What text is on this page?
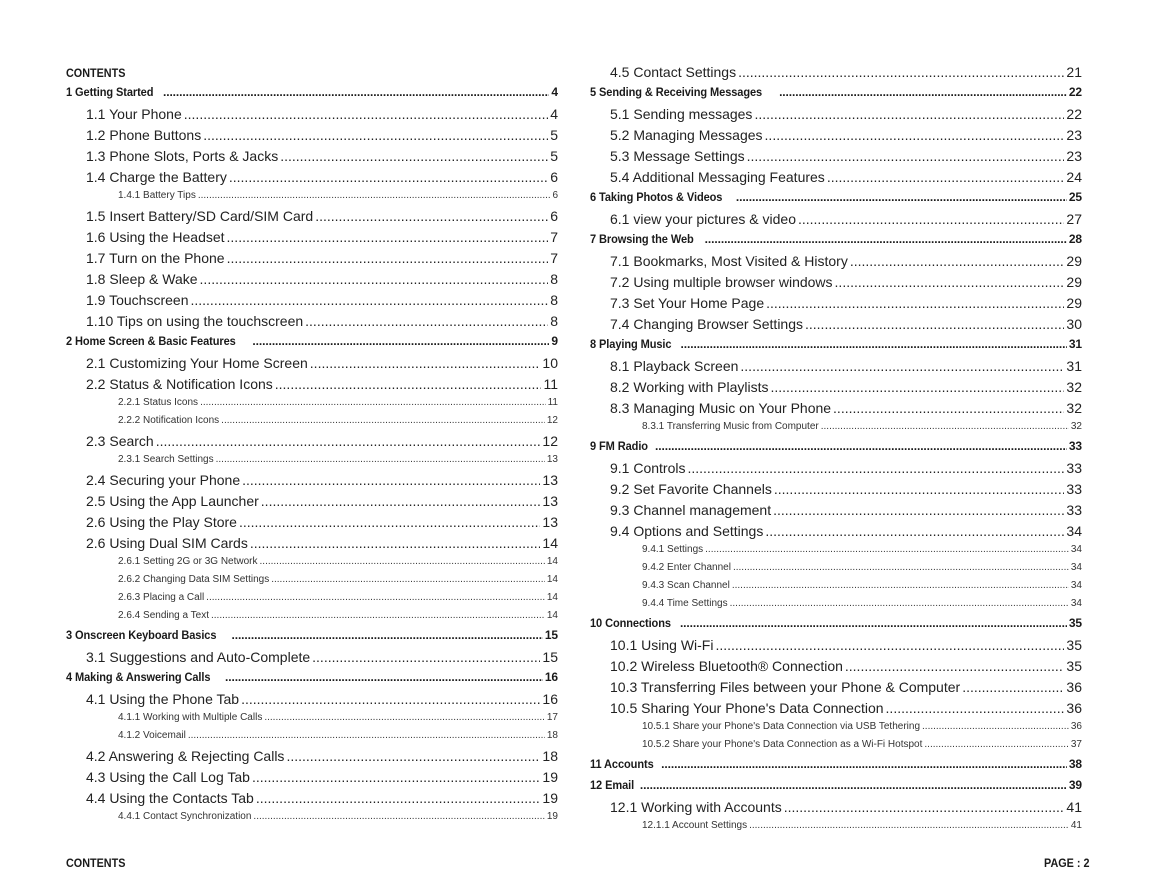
CONTENTS
1 Getting Started .....	4
1.1 Your Phone .....	4
1.2 Phone Buttons .....	5
1.3 Phone Slots, Ports & Jacks .....	5
1.4 Charge the Battery .....	6
1.4.1 Battery Tips .....	6
1.5 Insert Battery/SD Card/SIM Card .....	6
1.6 Using the Headset .....	7
1.7 Turn on the Phone .....	7
1.8 Sleep & Wake .....	8
1.9 Touchscreen .....	8
1.10 Tips on using the touchscreen .....	8
2 Home Screen & Basic Features .....	9
2.1 Customizing Your Home Screen .....	10
2.2 Status & Notification Icons .....	11
2.2.1 Status Icons .....	11
2.2.2 Notification Icons .....	12
2.3 Search .....	12
2.3.1 Search Settings .....	13
2.4 Securing your Phone .....	13
2.5 Using the App Launcher .....	13
2.6 Using the Play Store .....	13
2.6 Using Dual SIM Cards .....	14
2.6.1 Setting 2G or 3G Network .....	14
2.6.2 Changing Data SIM Settings .....	14
2.6.3 Placing a Call .....	14
2.6.4 Sending a Text .....	14
3 Onscreen Keyboard Basics .....	15
3.1 Suggestions and Auto-Complete .....	15
4 Making & Answering Calls .....	16
4.1 Using the Phone Tab .....	16
4.1.1 Working with Multiple Calls .....	17
4.1.2 Voicemail .....	18
4.2 Answering & Rejecting Calls .....	18
4.3 Using the Call Log Tab .....	19
4.4 Using the Contacts Tab .....	19
4.4.1 Contact Synchronization .....	19
4.5 Contact Settings .....	21
5 Sending & Receiving Messages .....	22
5.1 Sending messages .....	22
5.2 Managing Messages .....	23
5.3 Message Settings .....	23
5.4 Additional Messaging Features .....	24
6 Taking Photos & Videos .....	25
6.1 view your pictures & video .....	27
7 Browsing the Web .....	28
7.1 Bookmarks, Most Visited & History .....	29
7.2 Using multiple browser windows .....	29
7.3 Set Your Home Page .....	29
7.4 Changing Browser Settings .....	30
8 Playing Music .....	31
8.1 Playback Screen .....	31
8.2 Working with Playlists .....	32
8.3 Managing Music on Your Phone .....	32
8.3.1 Transferring Music from Computer .....	32
9 FM Radio .....	33
9.1 Controls .....	33
9.2 Set Favorite Channels .....	33
9.3 Channel management .....	33
9.4 Options and Settings .....	34
9.4.1 Settings .....	34
9.4.2 Enter Channel .....	34
9.4.3 Scan Channel .....	34
9.4.4 Time Settings .....	34
10 Connections .....	35
10.1 Using Wi-Fi .....	35
10.2 Wireless Bluetooth® Connection .....	35
10.3 Transferring Files between your Phone & Computer .....	36
10.5 Sharing Your Phone's Data Connection .....	36
10.5.1 Share your Phone's Data Connection via USB Tethering .....	36
10.5.2 Share your Phone's Data Connection as a Wi-Fi Hotspot .....	37
11 Accounts .....	38
12 Email .....	39
12.1 Working with Accounts .....	41
12.1.1 Account Settings .....	41
CONTENTS	PAGE : 2
